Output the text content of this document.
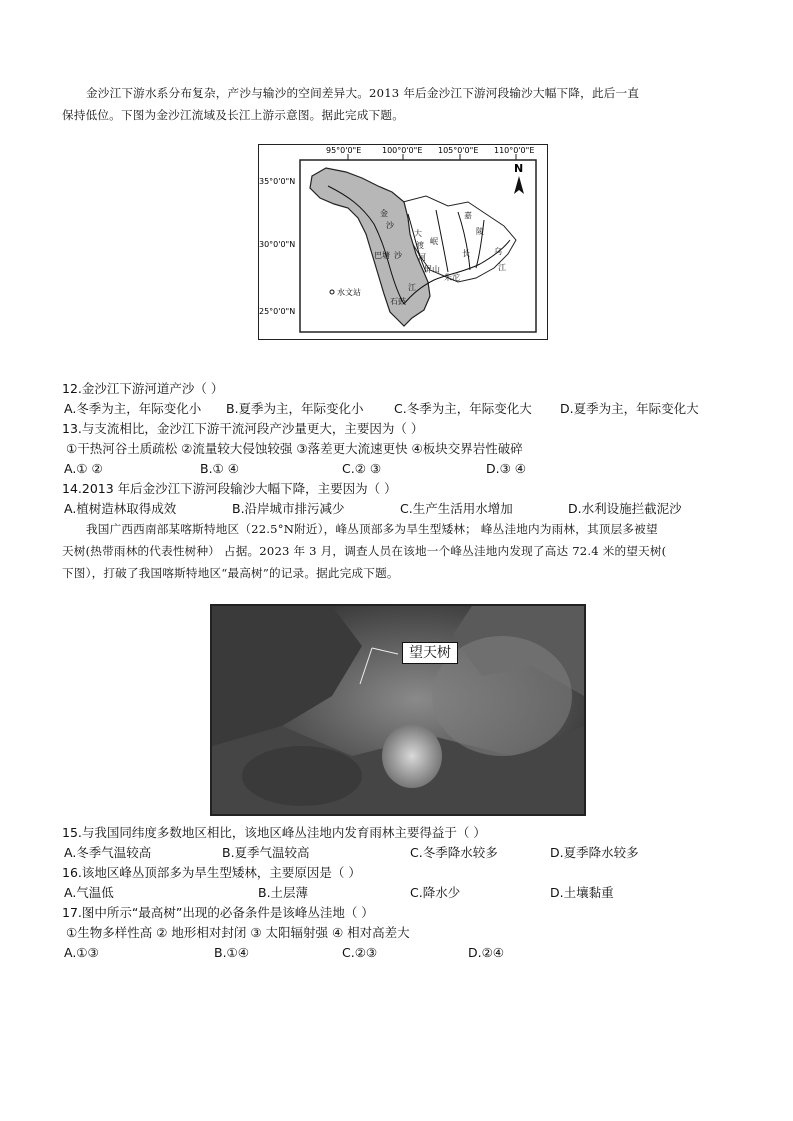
金沙江下游水系分布复杂，产沙与输沙的空间差异大。2013 年后金沙江下游河段输沙大幅下降，此后一直
保持低位。下图为金沙江流域及长江上游示意图。据此完成下题。
95°0'0"E	100°0'0"E 105°0'0"E 110°0'0"E
35°0'0"N
30°0'0"N
25°0'0"N
N
水文站
金
沙
巴塘 沙
石鼓
江
大
渡
河
岷
屏山
朱沱
嘉
陵
长	乌
江
12.金沙江下游河道产沙（ ）
A.冬季为主，年际变化小 B.夏季为主，年际变化小 C.冬季为主，年际变化大 D.夏季为主，年际变化大
13.与支流相比，金沙江下游干流河段产沙量更大，主要因为（ ）
①干热河谷土质疏松 ②流量较大侵蚀较强 ③落差更大流速更快 ④板块交界岩性破碎
A.① ②	B.① ④	C.② ③	D.③ ④
14.2013 年后金沙江下游河段输沙大幅下降，主要因为（ ）
A.植树造林取得成效	B.沿岸城市排污减少	C.生产生活用水增加	D.水利设施拦截泥沙
我国广西西南部某喀斯特地区（22.5°N附近），峰丛顶部多为旱生型矮林； 峰丛洼地内为雨林，其顶层多被望
天树(热带雨林的代表性树种） 占据。2023 年 3 月，调查人员在该地一个峰丛洼地内发现了高达 72.4 米的望天树(
下图），打破了我国喀斯特地区“最高树”的记录。据此完成下题。
望天树
15.与我国同纬度多数地区相比，该地区峰丛洼地内发育雨林主要得益于（ ）
A.冬季气温较高	B.夏季气温较高	C.冬季降水较多	D.夏季降水较多
16.该地区峰丛顶部多为旱生型矮林，主要原因是（ ）
A.气温低	B.土层薄	C.降水少	D.土壤黏重
17.图中所示“最高树”出现的必备条件是该峰丛洼地（ ）
①生物多样性高 ② 地形相对封闭 ③ 太阳辐射强 ④ 相对高差大
A.①③	B.①④	C.②③	D.②④
